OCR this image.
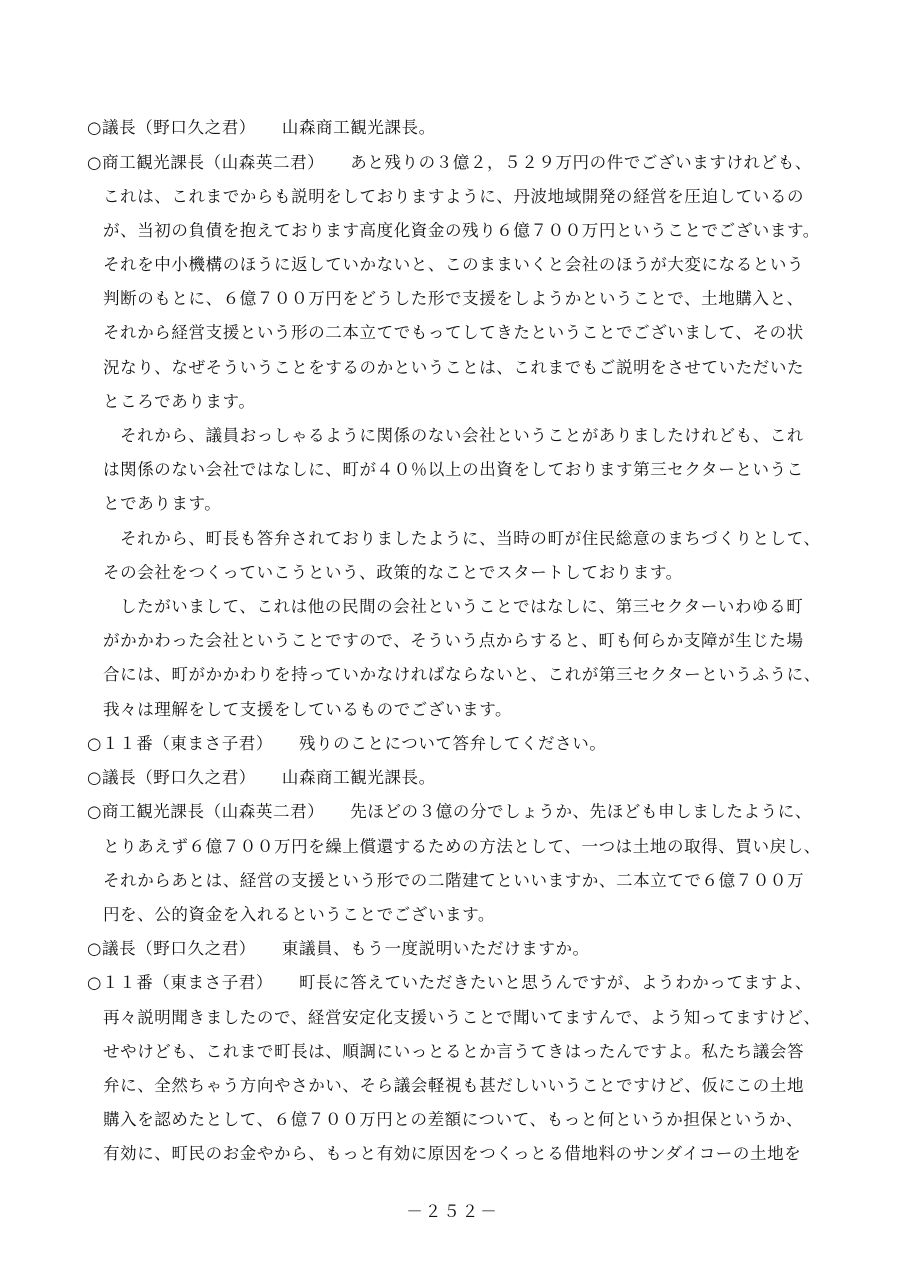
○議長（野口久之君）　　山森商工観光課長。
○商工観光課長（山森英二君）　　あと残りの３億２，５２９万円の件でございますけれども、
これは、これまでからも説明をしておりますように、丹波地域開発の経営を圧迫しているの
が、当初の負債を抱えております高度化資金の残り６億７００万円ということでございます。
それを中小機構のほうに返していかないと、このままいくと会社のほうが大変になるという
判断のもとに、６億７００万円をどうした形で支援をしようかということで、土地購入と、
それから経営支援という形の二本立てでもってしてきたということでございまして、その状
況なり、なぜそういうことをするのかということは、これまでもご説明をさせていただいた
ところであります。
それから、議員おっしゃるように関係のない会社ということがありましたけれども、これ
は関係のない会社ではなしに、町が４０％以上の出資をしております第三セクターというこ
とであります。
それから、町長も答弁されておりましたように、当時の町が住民総意のまちづくりとして、
その会社をつくっていこうという、政策的なことでスタートしております。
したがいまして、これは他の民間の会社ということではなしに、第三セクターいわゆる町
がかかわった会社ということですので、そういう点からすると、町も何らか支障が生じた場
合には、町がかかわりを持っていかなければならないと、これが第三セクターというふうに、
我々は理解をして支援をしているものでございます。
○１１番（東まさ子君）　　残りのことについて答弁してください。
○議長（野口久之君）　　山森商工観光課長。
○商工観光課長（山森英二君）　　先ほどの３億の分でしょうか、先ほども申しましたように、
とりあえず６億７００万円を繰上償還するための方法として、一つは土地の取得、買い戻し、
それからあとは、経営の支援という形での二階建てといいますか、二本立てで６億７００万
円を、公的資金を入れるということでございます。
○議長（野口久之君）　　東議員、もう一度説明いただけますか。
○１１番（東まさ子君）　　町長に答えていただきたいと思うんですが、ようわかってますよ、
再々説明聞きましたので、経営安定化支援いうことで聞いてますんで、よう知ってますけど、
せやけども、これまで町長は、順調にいっとるとか言うてきはったんですよ。私たち議会答
弁に、全然ちゃう方向やさかい、そら議会軽視も甚だしいいうことですけど、仮にこの土地
購入を認めたとして、６億７００万円との差額について、もっと何というか担保というか、
有効に、町民のお金やから、もっと有効に原因をつくっとる借地料のサンダイコーの土地を
－２５２－
